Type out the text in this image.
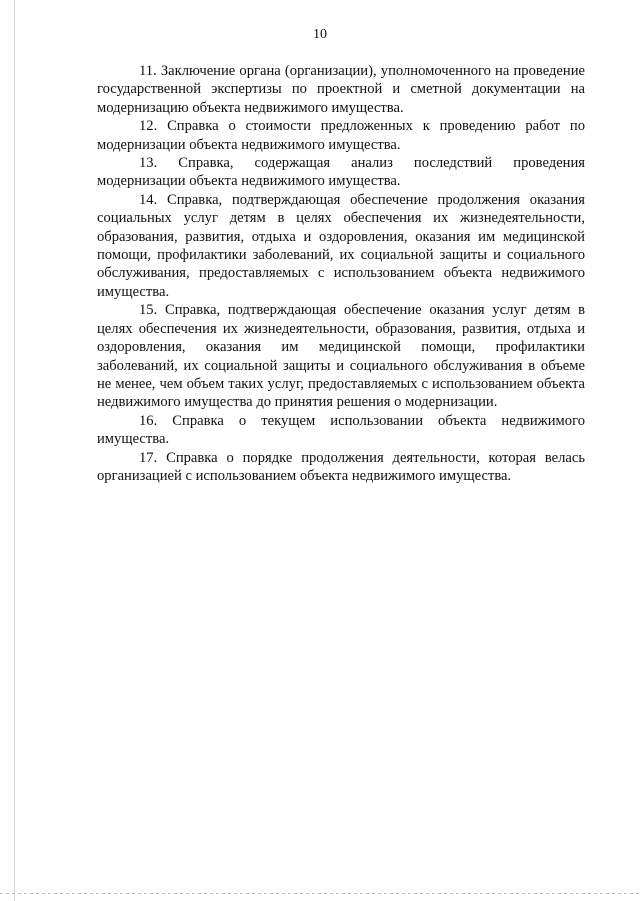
10

11. Заключение органа (организации), уполномоченного на проведение государственной экспертизы по проектной и сметной документации на модернизацию объекта недвижимого имущества.

12. Справка о стоимости предложенных к проведению работ по модернизации объекта недвижимого имущества.

13. Справка, содержащая анализ последствий проведения модернизации объекта недвижимого имущества.

14. Справка, подтверждающая обеспечение продолжения оказания социальных услуг детям в целях обеспечения их жизнедеятельности, образования, развития, отдыха и оздоровления, оказания им медицинской помощи, профилактики заболеваний, их социальной защиты и социального обслуживания, предоставляемых с использованием объекта недвижимого имущества.

15. Справка, подтверждающая обеспечение оказания услуг детям в целях обеспечения их жизнедеятельности, образования, развития, отдыха и оздоровления, оказания им медицинской помощи, профилактики заболеваний, их социальной защиты и социального обслуживания в объеме не менее, чем объем таких услуг, предоставляемых с использованием объекта недвижимого имущества до принятия решения о модернизации.

16. Справка о текущем использовании объекта недвижимого имущества.

17. Справка о порядке продолжения деятельности, которая велась организацией с использованием объекта недвижимого имущества.
